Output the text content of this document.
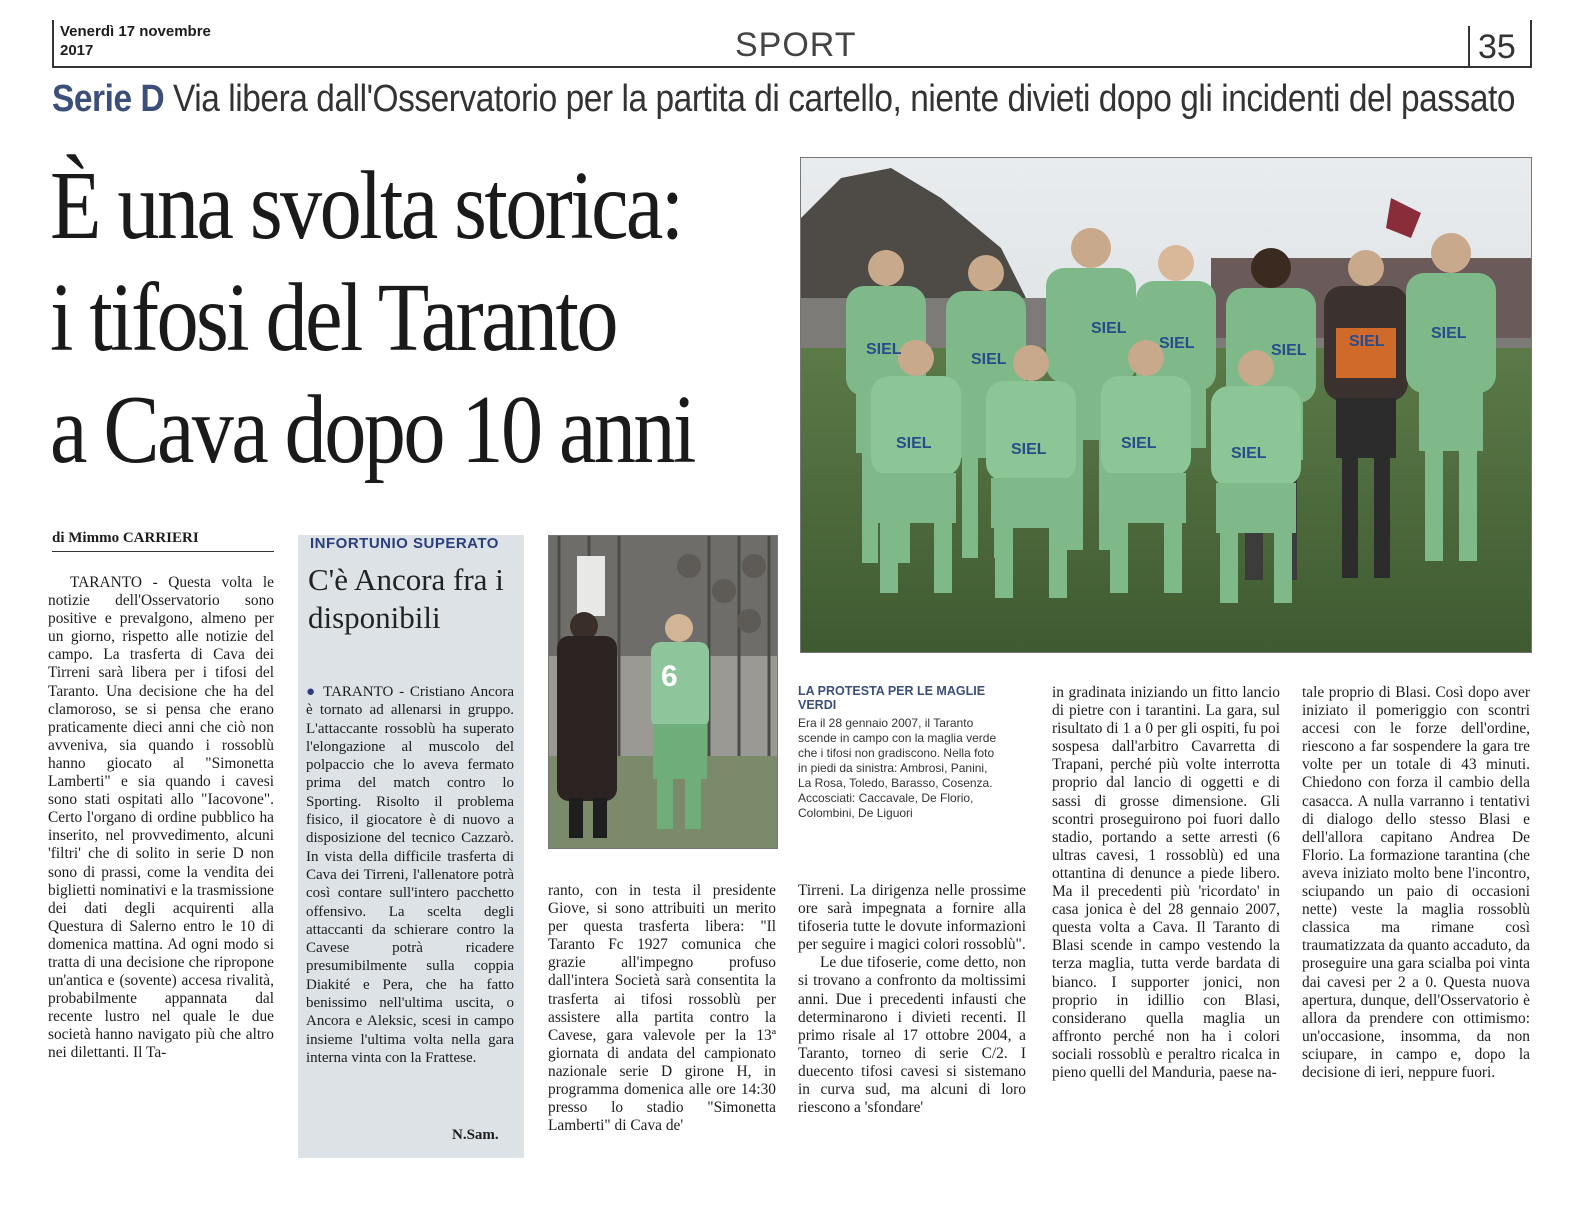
Venerdì 17 novembre
2017	SPORT	35
Serie D Via libera dall'Osservatorio per la partita di cartello, niente divieti dopo gli incidenti del passato
È una svolta storica:
i tifosi del Taranto
a Cava dopo 10 anni
SIEL
SIEL
SIEL
SIEL	SIEL
SIEL	SIEL
SIEL	SIEL	SIEL
SIEL
di Mimmo CARRIERI

TARANTO - Questa volta le notizie dell'Osservatorio sono positive e prevalgono, almeno per un giorno, rispetto alle notizie del campo. La trasferta di Cava dei Tirreni sarà libera per i tifosi del Taranto. Una decisione che ha del clamoroso, se si pensa che erano praticamente dieci anni che ciò non avveniva, sia quando i rossoblù hanno giocato al "Simonetta Lamberti" e sia quando i cavesi sono stati ospitati allo "Iacovone". Certo l'organo di ordine pubblico ha inserito, nel provvedimento, alcuni 'filtri' che di solito in serie D non sono di prassi, come la vendita dei biglietti nominativi e la trasmissione dei dati degli acquirenti alla Questura di Salerno entro le 10 di domenica mattina. Ad ogni modo si tratta di una decisione che ripropone un'antica e (sovente) accesa rivalità, probabilmente appannata dal recente lustro nel quale le due società hanno navigato più che altro nei dilettanti. Il Ta-

INFORTUNIO SUPERATO
C'è Ancora fra i disponibili

● TARANTO - Cristiano Ancora è tornato ad allenarsi in gruppo. L'attaccante rossoblù ha superato l'elongazione al muscolo del polpaccio che lo aveva fermato prima del match contro lo Sporting. Risolto il problema fisico, il giocatore è di nuovo a disposizione del tecnico Cazzarò. In vista della difficile trasferta di Cava dei Tirreni, l'allenatore potrà così contare sull'intero pacchetto offensivo. La scelta degli attaccanti da schierare contro la Cavese potrà ricadere presumibilmente sulla coppia Diakité e Pera, che ha fatto benissimo nell'ultima uscita, o Ancora e Aleksic, scesi in campo insieme l'ultima volta nella gara interna vinta con la Frattese.

N.Sam.
6	LA PROTESTA PER LE MAGLIE VERDI
Era il 28 gennaio 2007, il Taranto scende in campo con la maglia verde che i tifosi non gradiscono. Nella foto in piedi da sinistra: Ambrosi, Panini, La Rosa, Toledo, Barasso, Cosenza. Accosciati: Caccavale, De Florio, Colombini, De Liguori

ranto, con in testa il presidente Giove, si sono attribuiti un merito per questa trasferta libera: "Il Taranto Fc 1927 comunica che grazie all'impegno profuso dall'intera Società sarà consentita la trasferta ai tifosi rossoblù per assistere alla partita contro la Cavese, gara valevole per la 13ª giornata di andata del campionato nazionale serie D girone H, in programma domenica alle ore 14:30 presso lo stadio "Simonetta Lamberti" di Cava de'

Tirreni. La dirigenza nelle prossime ore sarà impegnata a fornire alla tifoseria tutte le dovute informazioni per seguire i magici colori rossoblù".

Le due tifoserie, come detto, non si trovano a confronto da moltissimi anni. Due i precedenti infausti che determinarono i divieti recenti. Il primo risale al 17 ottobre 2004, a Taranto, torneo di serie C/2. I duecento tifosi cavesi si sistemano in curva sud, ma alcuni di loro riescono a 'sfondare'

in gradinata iniziando un fitto lancio di pietre con i tarantini. La gara, sul risultato di 1 a 0 per gli ospiti, fu poi sospesa dall'arbitro Cavarretta di Trapani, perché più volte interrotta proprio dal lancio di oggetti e di sassi di grosse dimensione. Gli scontri proseguirono poi fuori dallo stadio, portando a sette arresti (6 ultras cavesi, 1 rossoblù) ed una ottantina di denunce a piede libero. Ma il precedenti più 'ricordato' in casa jonica è del 28 gennaio 2007, questa volta a Cava. Il Taranto di Blasi scende in campo vestendo la terza maglia, tutta verde bardata di bianco. I supporter jonici, non proprio in idillio con Blasi, considerano quella maglia un affronto perché non ha i colori sociali rossoblù e peraltro ricalca in pieno quelli del Manduria, paese na-

tale proprio di Blasi. Così dopo aver iniziato il pomeriggio con scontri accesi con le forze dell'ordine, riescono a far sospendere la gara tre volte per un totale di 43 minuti. Chiedono con forza il cambio della casacca. A nulla varranno i tentativi di dialogo dello stesso Blasi e dell'allora capitano Andrea De Florio. La formazione tarantina (che aveva iniziato molto bene l'incontro, sciupando un paio di occasioni nette) veste la maglia rossoblù classica ma rimane così traumatizzata da quanto accaduto, da proseguire una gara scialba poi vinta dai cavesi per 2 a 0. Questa nuova apertura, dunque, dell'Osservatorio è allora da prendere con ottimismo: un'occasione, insomma, da non sciupare, in campo e, dopo la decisione di ieri, neppure fuori.
